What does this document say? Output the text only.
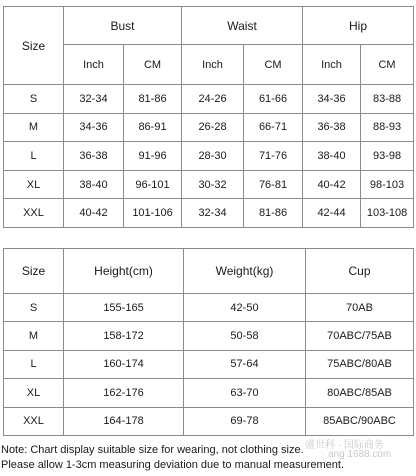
Size	Bust		Waist		Hip	
	Inch	CM	Inch	CM	Inch	CM
S	32-34	81-86	24-26	61-66	34-36	83-88
M	34-36	86-91	26-28	66-71	36-38	88-93
L	36-38	91-96	28-30	71-76	38-40	93-98
XL	38-40	96-101	30-32	76-81	40-42	98-103
XXL	40-42	101-106	32-34	81-86	42-44	103-108
Size	Height(cm)	Weight(kg)	Cup
S	155-165	42-50	70AB
M	158-172	50-58	70ABC/75AB
L	160-174	57-64	75ABC/80AB
XL	162-176	63-70	80ABC/85AB
XXL	164-178	69-78	85ABC/90ABC
盛世科 · 国际商务
ang 1688.com
Note: Chart display suitable size for wearing, not clothing size.
Please allow 1-3cm measuring deviation due to manual measurement.
